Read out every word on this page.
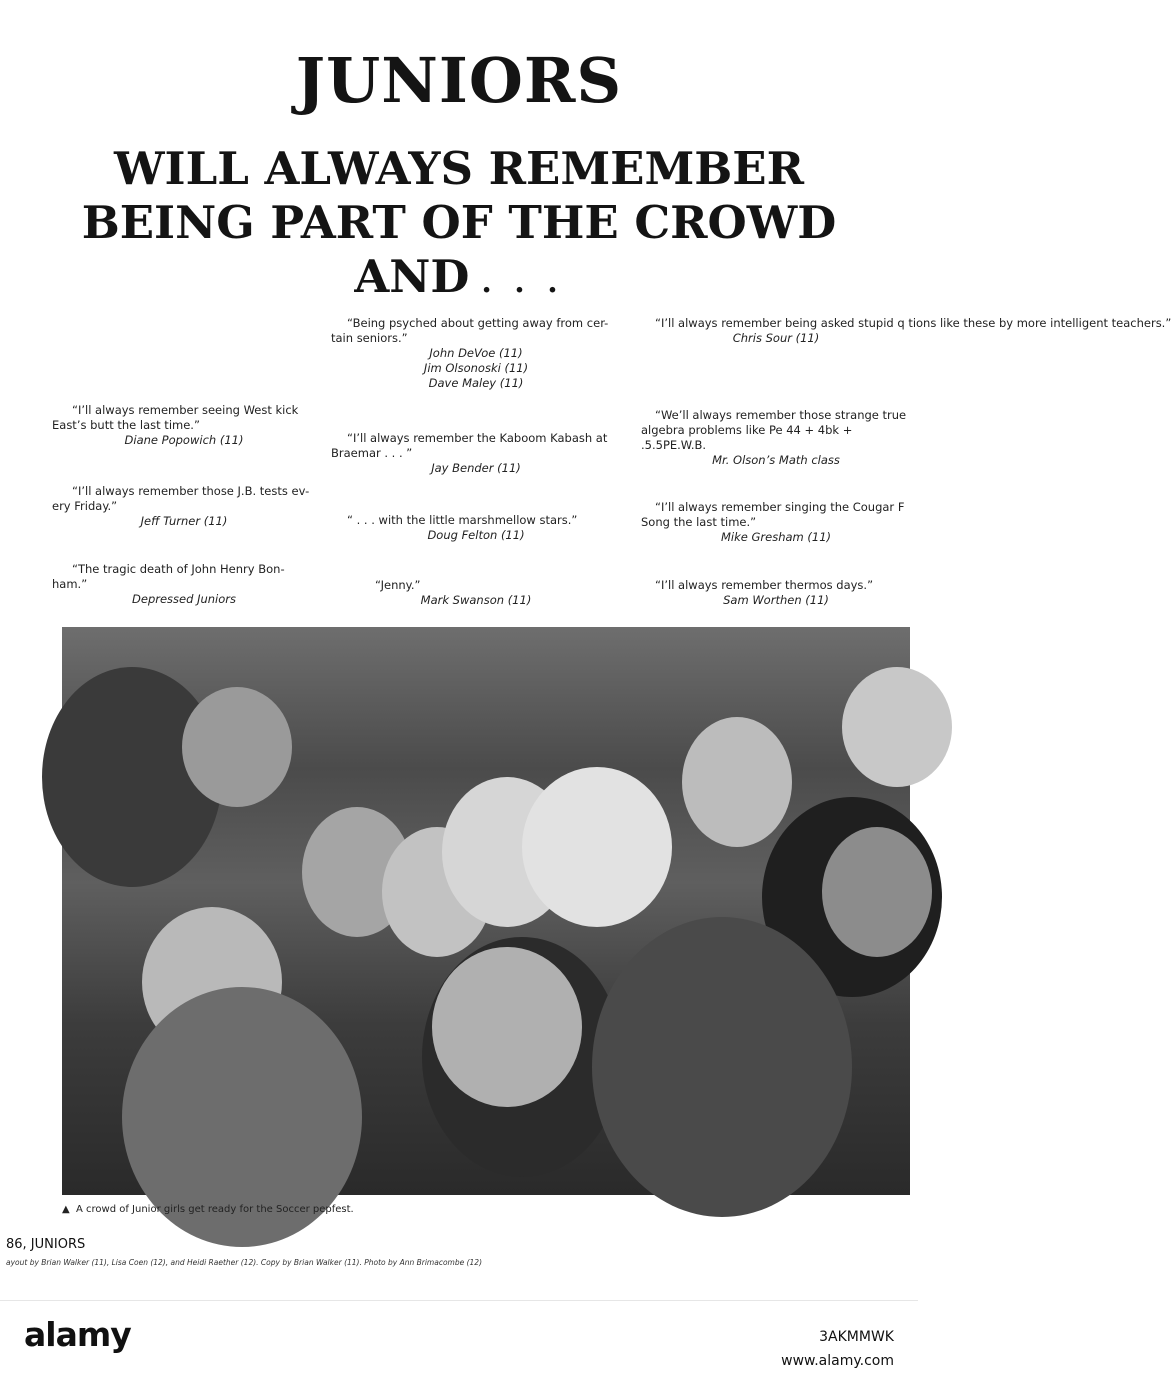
JUNIORS
WILL ALWAYS REMEMBER
BEING PART OF THE CROWD
AND . . .
“I’ll always remember seeing West kick East’s butt the last time.”
Diane Popowich (11)
“I’ll always remember those J.B. tests ev-ery Friday.”
Jeff Turner (11)
“The tragic death of John Henry Bon-ham.”
Depressed Juniors
“Being psyched about getting away from cer-tain seniors.”
John DeVoe (11)
Jim Olsonoski (11)
Dave Maley (11)
“I’ll always remember the Kaboom Kabash at Braemar . . . ”
Jay Bender (11)
“ . . . with the little marshmellow stars.”
Doug Felton (11)
“Jenny.”
Mark Swanson (11)
“I’ll always remember being asked stupid q tions like these by more intelligent teachers.”
Chris Sour (11)
“We’ll always remember those strange true algebra problems like Pe 44 + 4bk + .5.5PE.W.B.
Mr. Olson’s Math class
“I’ll always remember singing the Cougar F Song the last time.”
Mike Gresham (11)
“I’ll always remember thermos days.”
Sam Worthen (11)
▲ A crowd of Junior girls get ready for the Soccer pepfest.
86, JUNIORS
ayout by Brian Walker (11), Lisa Coen (12), and Heidi Raether (12). Copy by Brian Walker (11). Photo by Ann Brimacombe (12)
alamy	3AKMMWK
www.alamy.com
